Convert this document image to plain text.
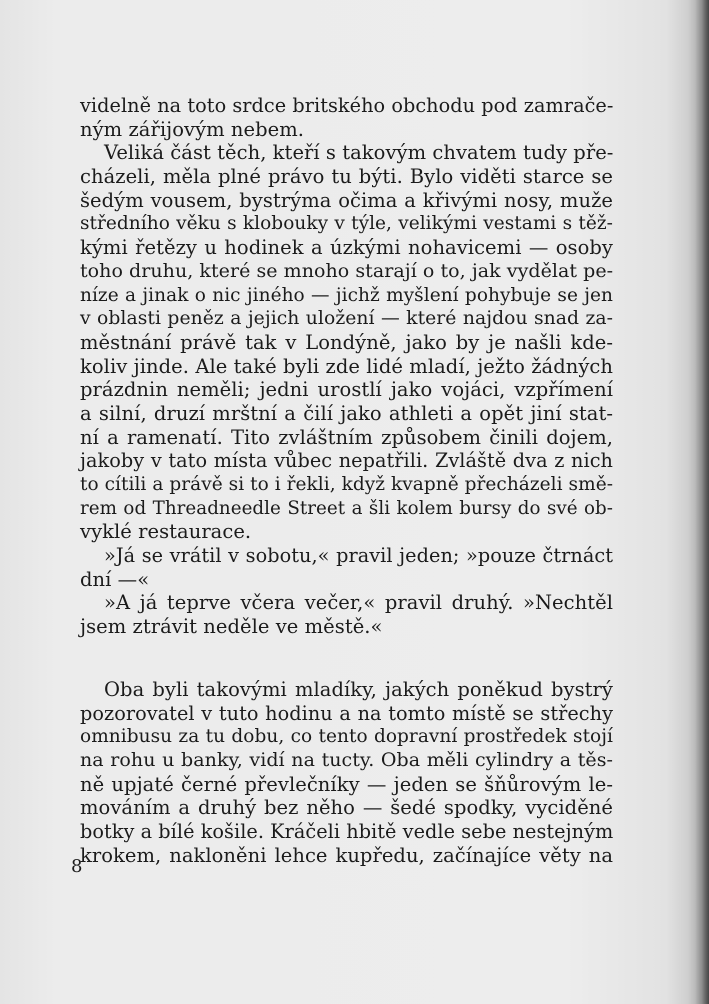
videlně na toto srdce britského obchodu pod zamrače-
ným zářijovým nebem.
Veliká část těch, kteří s takovým chvatem tudy pře-
cházeli, měla plné právo tu býti. Bylo viděti starce se
šedým vousem, bystrýma očima a křivými nosy, muže
středního věku s klobouky v týle, velikými vestami s těž-
kými řetězy u hodinek a úzkými nohavicemi — osoby
toho druhu, které se mnoho starají o to, jak vydělat pe-
níze a jinak o nic jiného — jichž myšlení pohybuje se jen
v oblasti peněz a jejich uložení — které najdou snad za-
městnání právě tak v Londýně, jako by je našli kde-
koliv jinde. Ale také byli zde lidé mladí, ježto žádných
prázdnin neměli; jedni urostlí jako vojáci, vzpřímení
a silní, druzí mrštní a čilí jako athleti a opět jiní stat-
ní a ramenatí. Tito zvláštním způsobem činili dojem,
jakoby v tato místa vůbec nepatřili. Zvláště dva z nich
to cítili a právě si to i řekli, když kvapně přecházeli smě-
rem od Threadneedle Street a šli kolem bursy do své ob-
vyklé restaurace.
»Já se vrátil v sobotu,« pravil jeden; »pouze čtrnáct
dní —«
»A já teprve včera večer,« pravil druhý. »Nechtěl
jsem ztrávit neděle ve městě.«
Oba byli takovými mladíky, jakých poněkud bystrý
pozorovatel v tuto hodinu a na tomto místě se střechy
omnibusu za tu dobu, co tento dopravní prostředek stojí
na rohu u banky, vidí na tucty. Oba měli cylindry a těs-
ně upjaté černé převlečníky — jeden se šňůrovým le-
mováním a druhý bez něho — šedé spodky, vyciděné
botky a bílé košile. Kráčeli hbitě vedle sebe nestejným
krokem, nakloněni lehce kupředu, začínajíce věty na
8
